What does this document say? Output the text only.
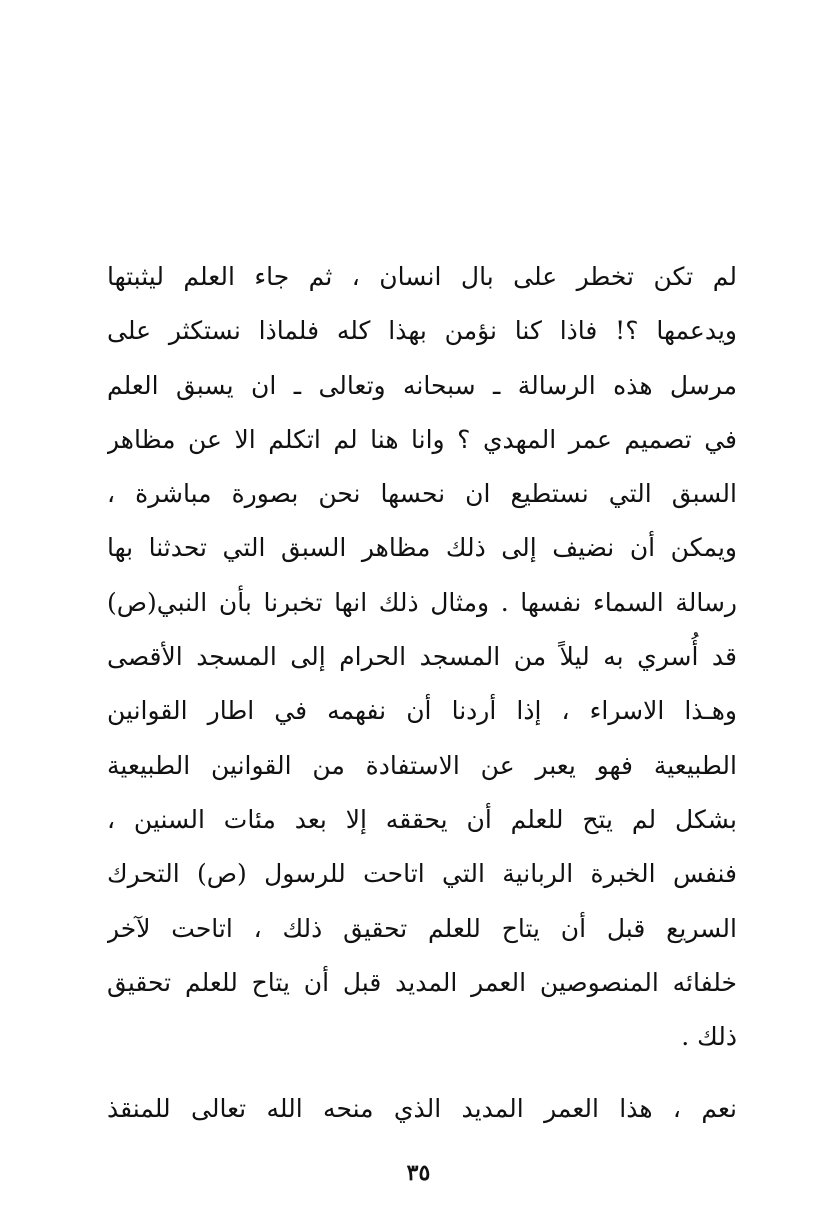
لم تكن تخطر على بال انسان ، ثم جاء العلم ليثبتها
ويدعمها ؟! فاذا كنا نؤمن بهذا كله فلماذا نستكثر على
مرسل هذه الرسالة ـ سبحانه وتعالى ـ ان يسبق العلم
في تصميم عمر المهدي ؟ وانا هنا لم اتكلم الا عن مظاهر
السبق التي نستطيع ان نحسها نحن بصورة مباشرة ،
ويمكن أن نضيف إلى ذلك مظاهر السبق التي تحدثنا بها
رسالة السماء نفسها . ومثال ذلك انها تخبرنا بأن النبي(ص)
قد أُسري به ليلاً من المسجد الحرام إلى المسجد الأقصى
وهـذا الاسراء ، إذا أردنا أن نفهمه في اطار القوانين
الطبيعية فهو يعبر عن الاستفادة من القوانين الطبيعية
بشكل لم يتح للعلم أن يحققه إلا بعد مئات السنين ،
فنفس الخبرة الربانية التي اتاحت للرسول (ص) التحرك
السريع قبل أن يتاح للعلم تحقيق ذلك ، اتاحت لآخر
خلفائه المنصوصين العمر المديد قبل أن يتاح للعلم تحقيق
ذلك .
نعم ، هذا العمر المديد الذي منحه الله تعالى للمنقذ
٣٥
